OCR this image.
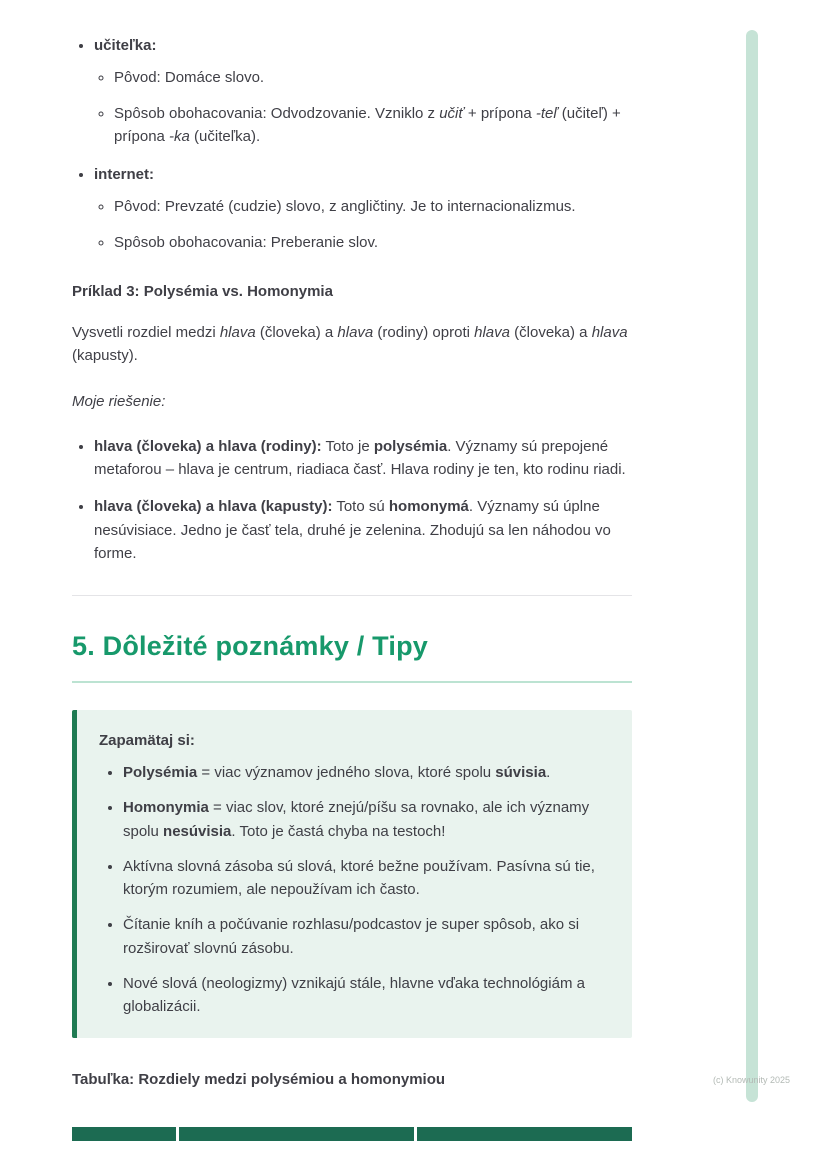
• učiteľka:
◦ Pôvod: Domáce slovo.
◦ Spôsob obohacovania: Odvodzovanie. Vzniklo z učiť + prípona -teľ (učiteľ) + prípona -ka (učiteľka).
• internet:
◦ Pôvod: Prevzaté (cudzie) slovo, z angličtiny. Je to internacionalizmus.
◦ Spôsob obohacovania: Preberanie slov.
Príklad 3: Polysémia vs. Homonymia
Vysvetli rozdiel medzi hlava (človeka) a hlava (rodiny) oproti hlava (človeka) a hlava (kapusty).
Moje riešenie:
• hlava (človeka) a hlava (rodiny): Toto je polysémia. Významy sú prepojené metaforou – hlava je centrum, riadiaca časť. Hlava rodiny je ten, kto rodinu riadi.
• hlava (človeka) a hlava (kapusty): Toto sú homonymá. Významy sú úplne nesúvisiace. Jedno je časť tela, druhé je zelenina. Zhodujú sa len náhodou vo forme.
5. Dôležité poznámky / Tipy
Zapamätaj si:
• Polysémia = viac významov jedného slova, ktoré spolu súvisia.
• Homonymia = viac slov, ktoré znejú/píšu sa rovnako, ale ich významy spolu nesúvisia. Toto je častá chyba na testoch!
• Aktívna slovná zásoba sú slová, ktoré bežne používam. Pasívna sú tie, ktorým rozumiem, ale nepoužívam ich často.
• Čítanie kníh a počúvanie rozhlasu/podcastov je super spôsob, ako si rozširovať slovnú zásobu.
• Nové slová (neologizmy) vznikajú stále, hlavne vďaka technológiám a globalizácii.
Tabuľka: Rozdiely medzi polysémiou a homonymiou	(c) Knowunity 2025
